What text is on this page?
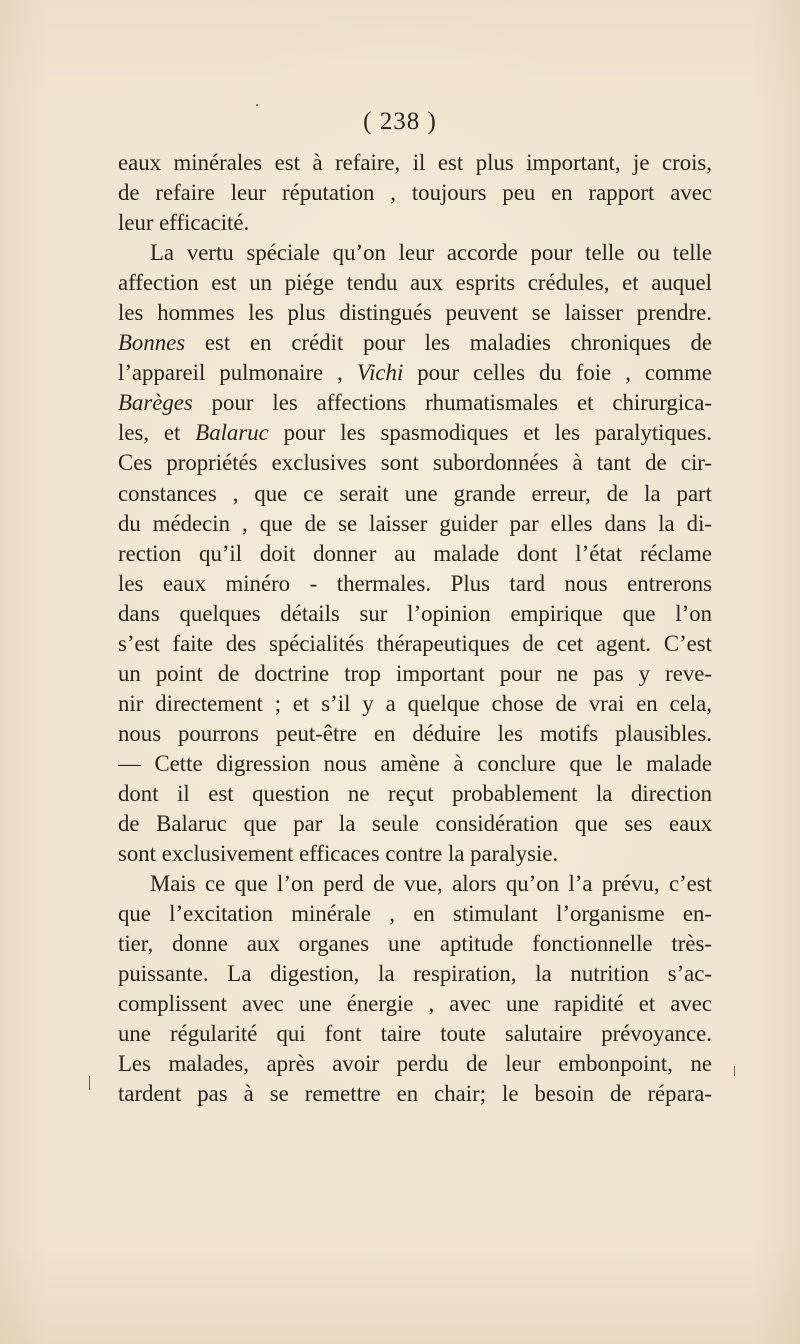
( 238 )
eaux minérales est à refaire, il est plus important, je crois,
de refaire leur réputation , toujours peu en rapport avec
leur efficacité.
La vertu spéciale qu’on leur accorde pour telle ou telle
affection est un piége tendu aux esprits crédules, et auquel
les hommes les plus distingués peuvent se laisser prendre.
Bonnes est en crédit pour les maladies chroniques de
l’appareil pulmonaire , Vichi pour celles du foie , comme
Barèges pour les affections rhumatismales et chirurgica-
les, et Balaruc pour les spasmodiques et les paralytiques.
Ces propriétés exclusives sont subordonnées à tant de cir-
constances , que ce serait une grande erreur, de la part
du médecin , que de se laisser guider par elles dans la di-
rection qu’il doit donner au malade dont l’état réclame
les eaux minéro - thermales. Plus tard nous entrerons
dans quelques détails sur l’opinion empirique que l’on
s’est faite des spécialités thérapeutiques de cet agent. C’est
un point de doctrine trop important pour ne pas y reve-
nir directement ; et s’il y a quelque chose de vrai en cela,
nous pourrons peut-être en déduire les motifs plausibles.
— Cette digression nous amène à conclure que le malade
dont il est question ne reçut probablement la direction
de Balaruc que par la seule considération que ses eaux
sont exclusivement efficaces contre la paralysie.
Mais ce que l’on perd de vue, alors qu’on l’a prévu, c’est
que l’excitation minérale , en stimulant l’organisme en-
tier, donne aux organes une aptitude fonctionnelle très-
puissante. La digestion, la respiration, la nutrition s’ac-
complissent avec une énergie , avec une rapidité et avec
une régularité qui font taire toute salutaire prévoyance.
Les malades, après avoir perdu de leur embonpoint, ne
tardent pas à se remettre en chair; le besoin de répara-
